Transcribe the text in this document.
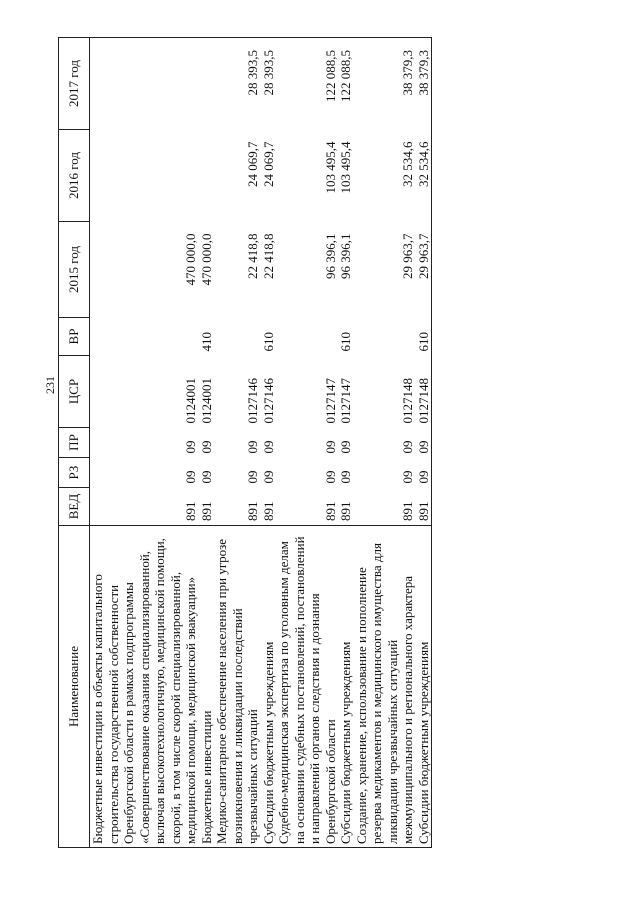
231
Наименование	ВЕД	РЗ	ПР	ЦСР	ВР	2015 год	2016 год	2017 год
Бюджетные инвестиции в объекты капитального строительства государственной собственности Оренбургской области в рамках подпрограммы «Совершенствование оказания специализированной, включая высокотехнологичную, медицинской помощи, скорой, в том числе скорой специализированной, медицинской помощи, медицинской эвакуации»	891	09	09	0124001		470 000,0		
Бюджетные инвестиции	891	09	09	0124001	410	470 000,0		
Медико-санитарное обеспечение населения при угрозе возникновения и ликвидации последствий чрезвычайных ситуаций	891	09	09	0127146		22 418,8	24 069,7	28 393,5
Субсидии бюджетным учреждениям	891	09	09	0127146	610	22 418,8	24 069,7	28 393,5
Судебно-медицинская экспертиза по уголовным делам на основании судебных постановлений, постановлений и направлений органов следствия и дознания Оренбургской области	891	09	09	0127147		96 396,1	103 495,4	122 088,5
Субсидии бюджетным учреждениям	891	09	09	0127147	610	96 396,1	103 495,4	122 088,5
Создание, хранение, использование и пополнение резерва медикаментов и медицинского имущества для ликвидации чрезвычайных ситуаций межмуниципального и регионального характера	891	09	09	0127148		29 963,7	32 534,6	38 379,3
Субсидии бюджетным учреждениям	891	09	09	0127148	610	29 963,7	32 534,6	38 379,3
